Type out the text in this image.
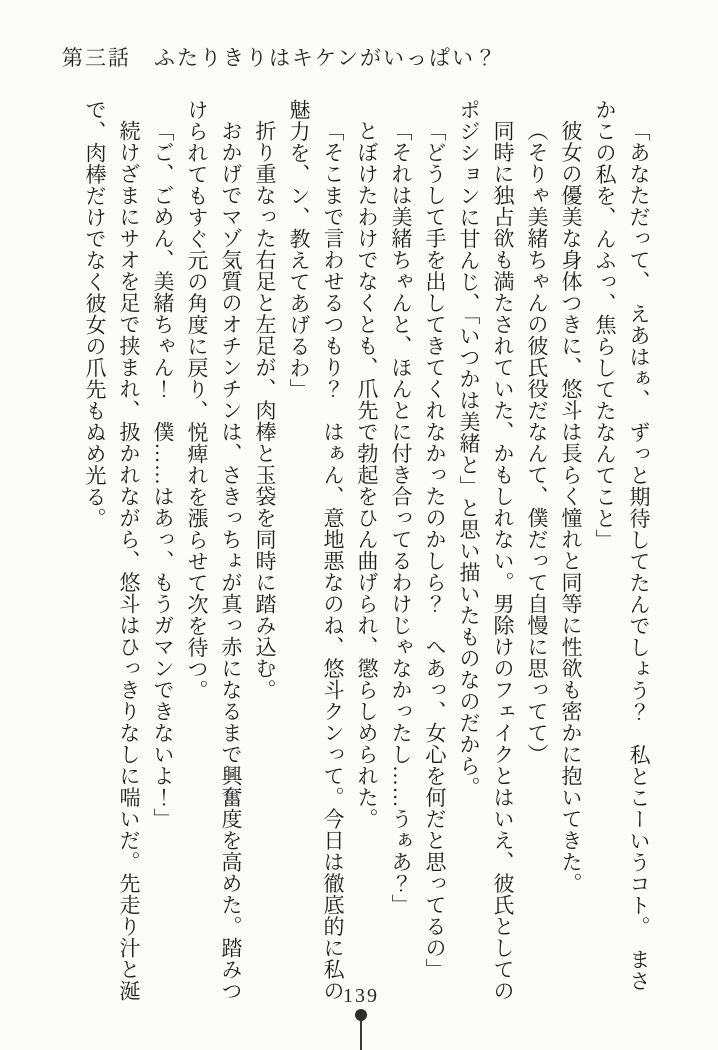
第三話　ふたりきりはキケンがいっぱい？

「あなただって、　えあはぁ、　ずっと期待してたんでしょう？　私とこーいうコト。　まさかこの私を、んふっ、焦らしてたなんてこと」

彼女の優美な身体つきに、悠斗は長らく憧れと同等に性欲も密かに抱いてきた。

（そりゃ美緒ちゃんの彼氏役だなんて、僕だって自慢に思ってて）

同時に独占欲も満たされていた、かもしれない。男除けのフェイクとはいえ、彼氏としてのポジションに甘んじ、「いつかは美緒と」と思い描いたものなのだから。

「どうして手を出してきてくれなかったのかしら？　へあっ、女心を何だと思ってるの」

「それは美緒ちゃんと、ほんとに付き合ってるわけじゃなかったし……うぁあ？」

とぼけたわけでなくとも、爪先で勃起をひん曲げられ、懲らしめられた。

「そこまで言わせるつもり？　はぁん、意地悪なのね、悠斗クンって。今日は徹底的に私の魅力を、ン、教えてあげるわ」

折り重なった右足と左足が、肉棒と玉袋を同時に踏み込む。

おかげでマゾ気質のオチンチンは、さきっちょが真っ赤になるまで興奮度を高めた。踏みつけられてもすぐ元の角度に戻り、悦痺れを漲らせて次を待つ。

「ご、ごめん、美緒ちゃん！　僕……はあっ、もうガマンできないよ！」

続けざまにサオを足で挟まれ、扱かれながら、悠斗はひっきりなしに喘いだ。先走り汁と涎で、肉棒だけでなく彼女の爪先もぬめ光る。

139
